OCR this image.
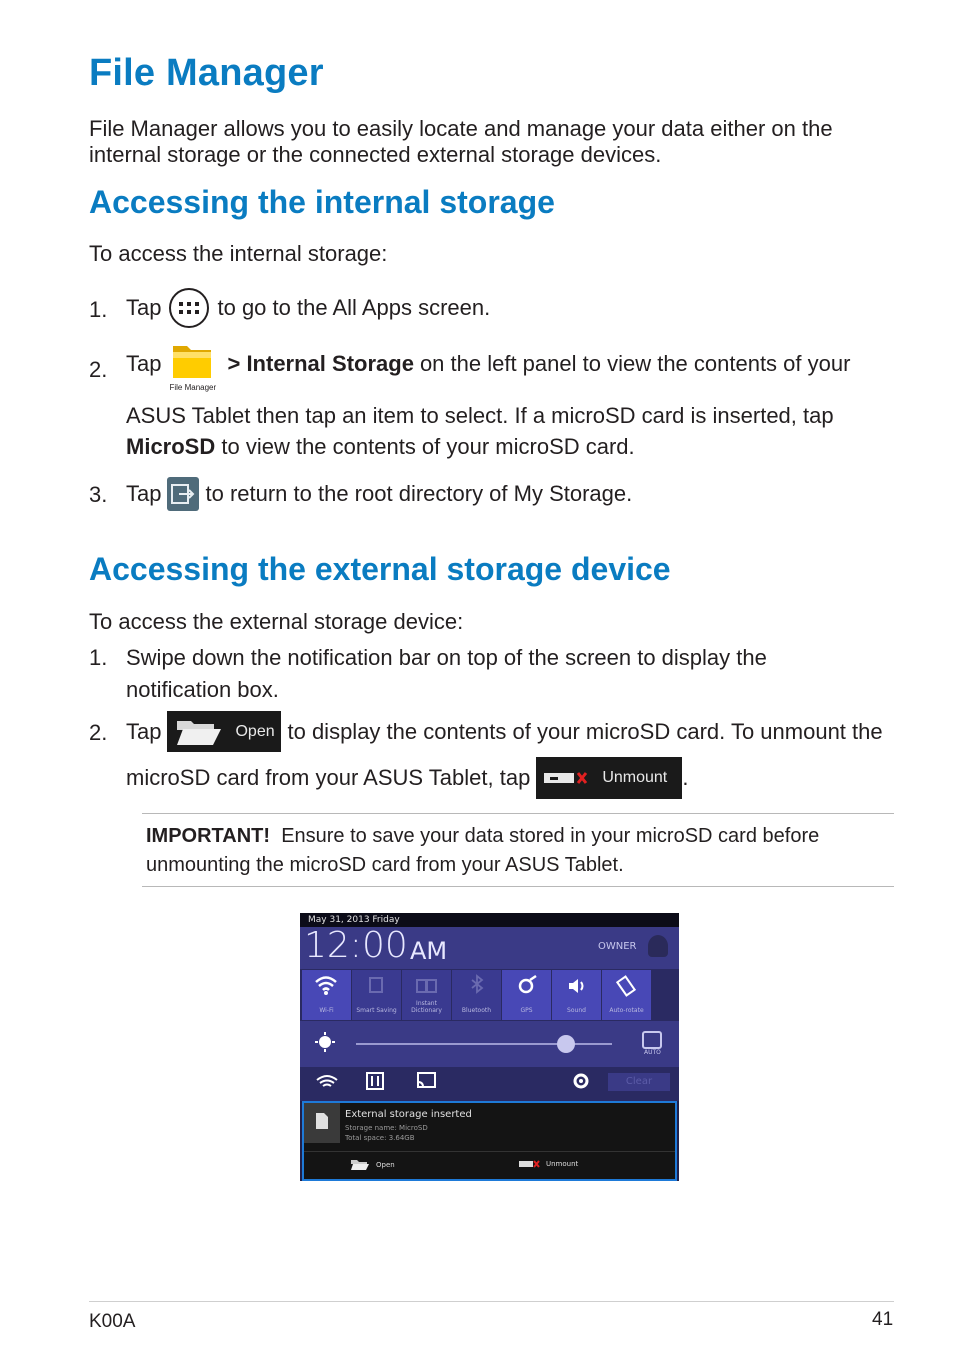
File Manager
File Manager allows you to easily locate and manage your data either on the internal storage or the connected external storage devices.
Accessing the internal storage
To access the internal storage:
1. Tap	to go to the All Apps screen.
2. Tap
File Manager
> Internal Storage on the left panel to view the contents of your
ASUS Tablet then tap an item to select. If a microSD card is inserted, tap
MicroSD to view the contents of your microSD card.
3. Tap to return to the root directory of My Storage.
Accessing the external storage device
To access the external storage device:
1. Swipe down the notification bar on top of the screen to display the
notification box.
2. Tap	Open to display the contents of your microSD card. To unmount the
microSD card from your ASUS Tablet, tap	Unmount .
IMPORTANT! Ensure to save your data stored in your microSD card before
unmounting the microSD card from your ASUS Tablet.
May 31, 2013 Friday
12:00 AM	OWNER
Wi-Fi	Smart Saving
Instant Dictionary	Bluetooth	GPS	Sound	Auto-rotate
AUTO
Clear
External storage inserted
Storage name: MicroSD
Total space: 3.64GB
Open	Unmount
K00A	41
